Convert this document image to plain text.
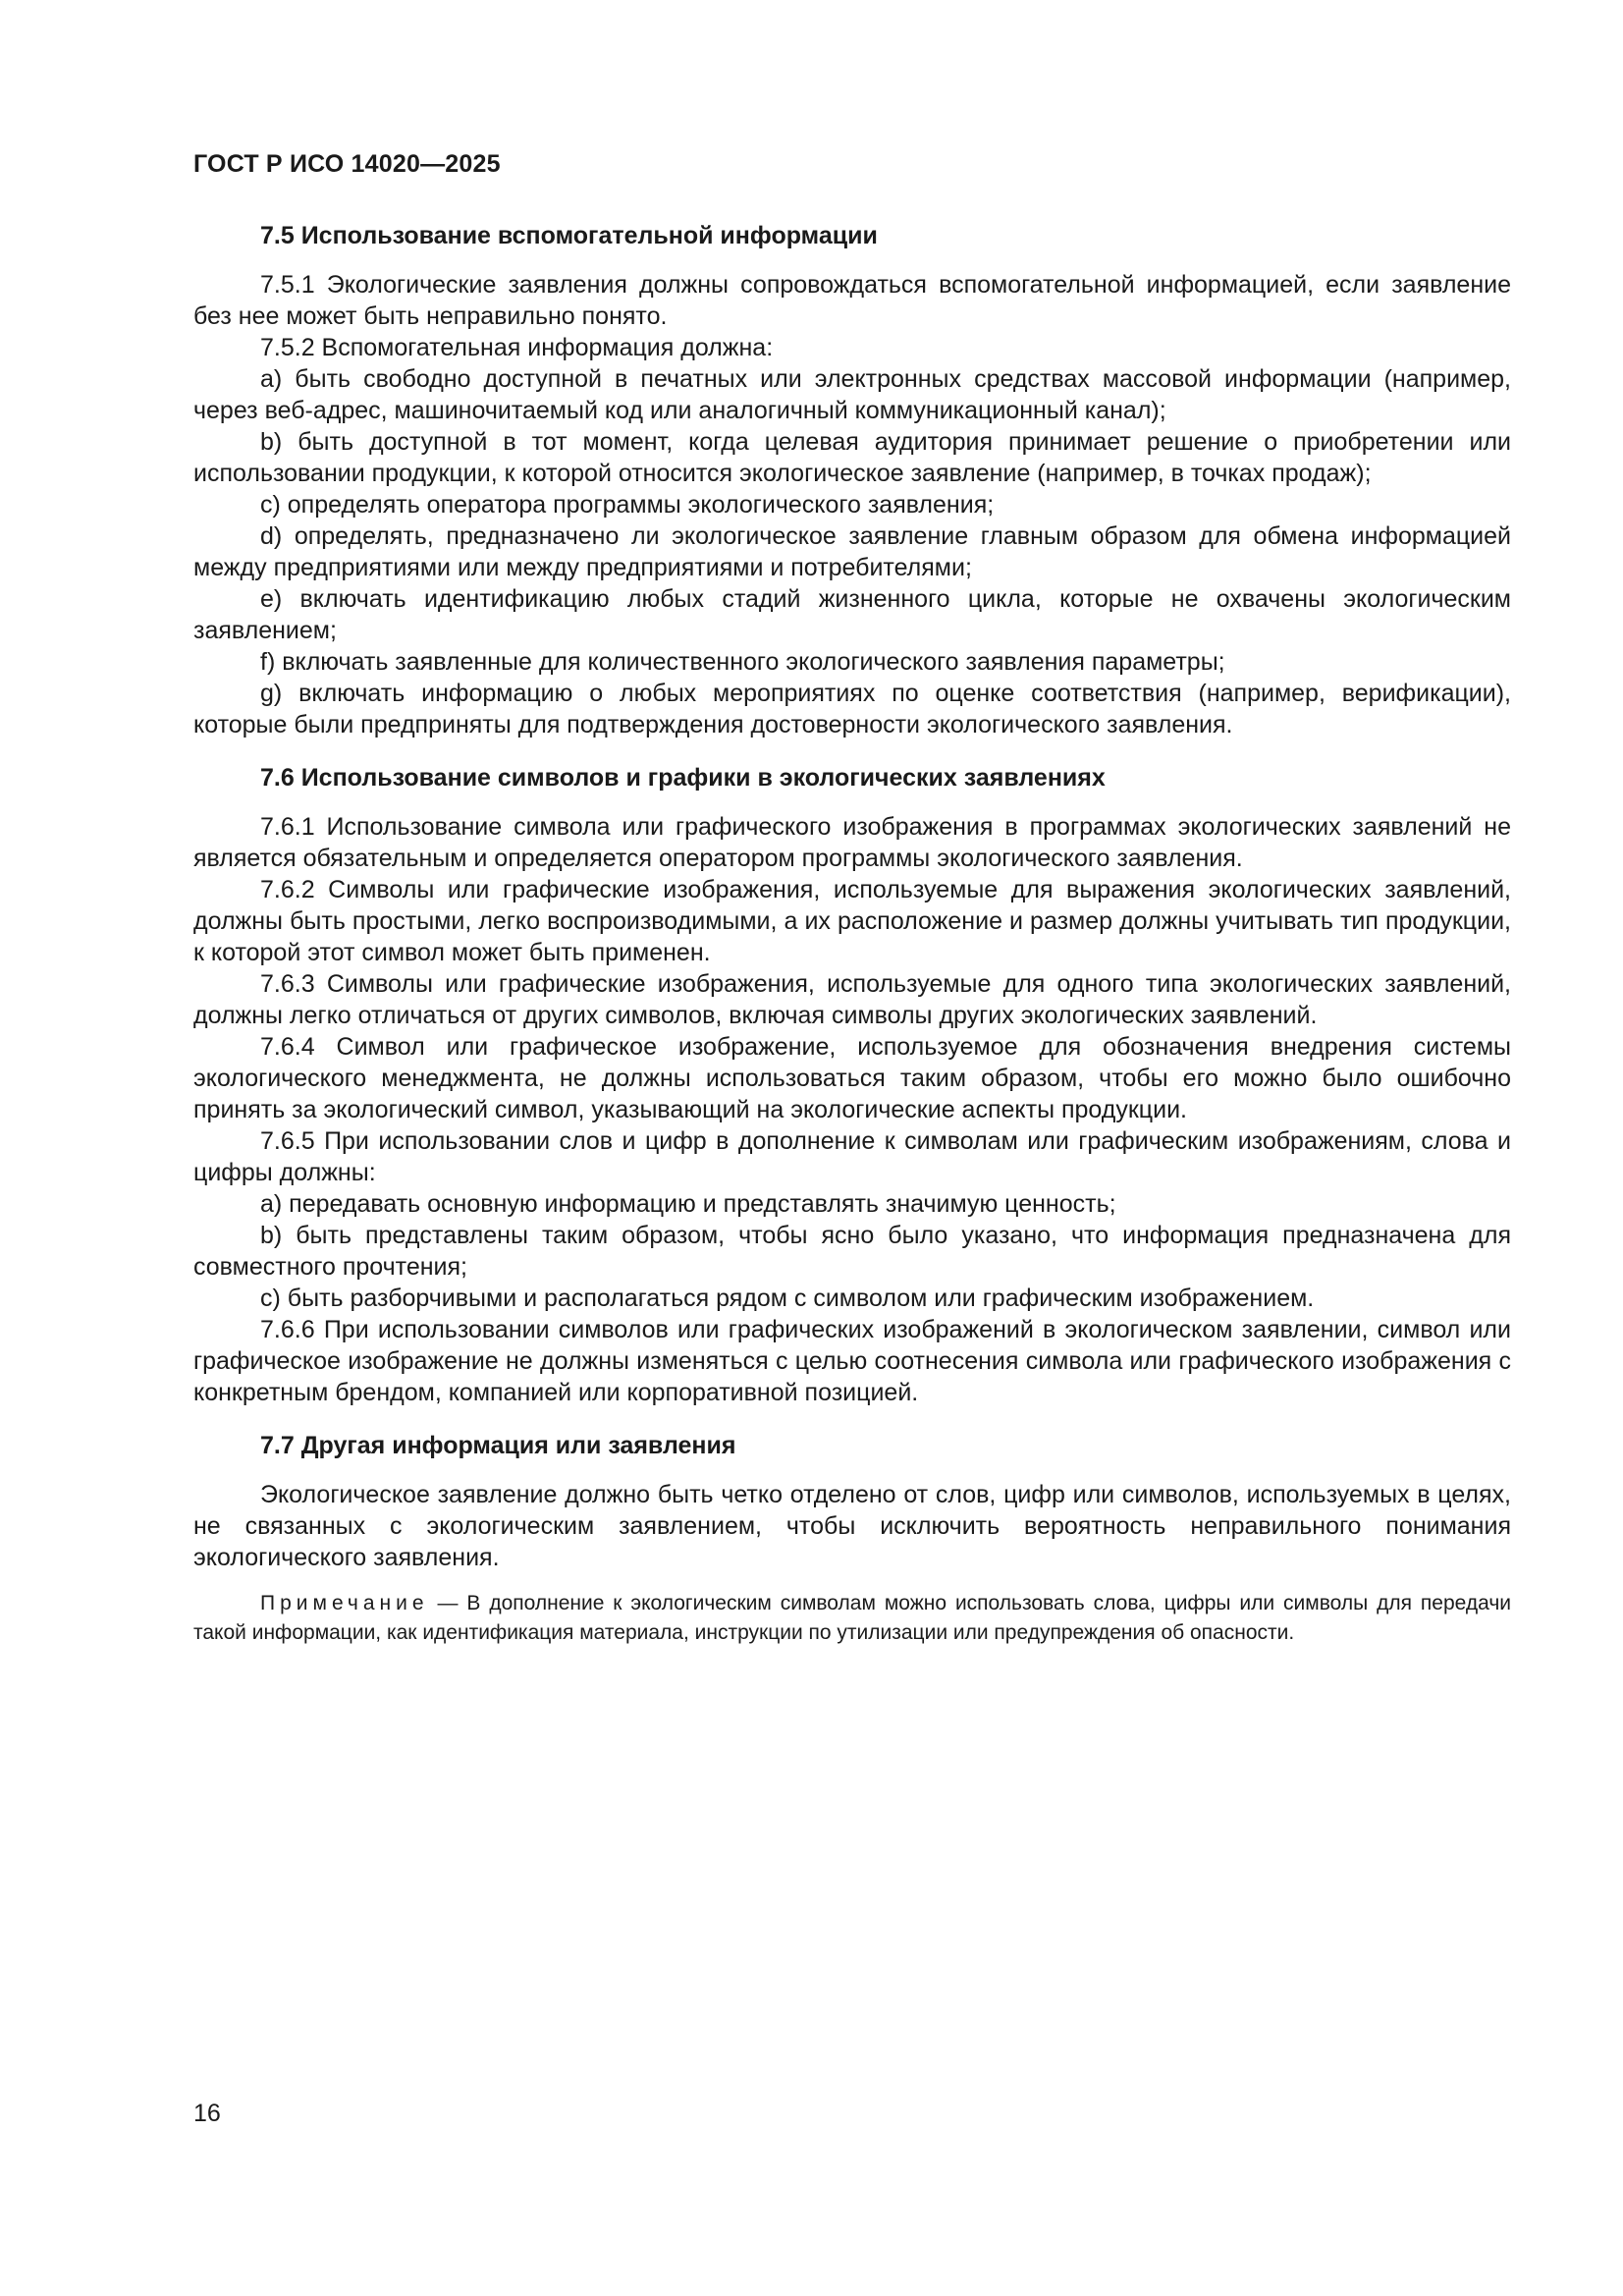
ГОСТ Р ИСО 14020—2025
7.5 Использование вспомогательной информации

7.5.1 Экологические заявления должны сопровождаться вспомогательной информацией, если заявление без нее может быть неправильно понято.

7.5.2 Вспомогательная информация должна:

a) быть свободно доступной в печатных или электронных средствах массовой информации (например, через веб-адрес, машиночитаемый код или аналогичный коммуникационный канал);

b) быть доступной в тот момент, когда целевая аудитория принимает решение о приобретении или использовании продукции, к которой относится экологическое заявление (например, в точках продаж);

c) определять оператора программы экологического заявления;

d) определять, предназначено ли экологическое заявление главным образом для обмена информацией между предприятиями или между предприятиями и потребителями;

e) включать идентификацию любых стадий жизненного цикла, которые не охвачены экологическим заявлением;

f) включать заявленные для количественного экологического заявления параметры;

g) включать информацию о любых мероприятиях по оценке соответствия (например, верификации), которые были предприняты для подтверждения достоверности экологического заявления.

7.6 Использование символов и графики в экологических заявлениях

7.6.1 Использование символа или графического изображения в программах экологических заявлений не является обязательным и определяется оператором программы экологического заявления.

7.6.2 Символы или графические изображения, используемые для выражения экологических заявлений, должны быть простыми, легко воспроизводимыми, а их расположение и размер должны учитывать тип продукции, к которой этот символ может быть применен.

7.6.3 Символы или графические изображения, используемые для одного типа экологических заявлений, должны легко отличаться от других символов, включая символы других экологических заявлений.

7.6.4 Символ или графическое изображение, используемое для обозначения внедрения системы экологического менеджмента, не должны использоваться таким образом, чтобы его можно было ошибочно принять за экологический символ, указывающий на экологические аспекты продукции.

7.6.5 При использовании слов и цифр в дополнение к символам или графическим изображениям, слова и цифры должны:

a) передавать основную информацию и представлять значимую ценность;

b) быть представлены таким образом, чтобы ясно было указано, что информация предназначена для совместного прочтения;

c) быть разборчивыми и располагаться рядом с символом или графическим изображением.

7.6.6 При использовании символов или графических изображений в экологическом заявлении, символ или графическое изображение не должны изменяться с целью соотнесения символа или графического изображения с конкретным брендом, компанией или корпоративной позицией.

7.7 Другая информация или заявления

Экологическое заявление должно быть четко отделено от слов, цифр или символов, используемых в целях, не связанных с экологическим заявлением, чтобы исключить вероятность неправильного понимания экологического заявления.

Примечание — В дополнение к экологическим символам можно использовать слова, цифры или символы для передачи такой информации, как идентификация материала, инструкции по утилизации или предупреждения об опасности.

16
